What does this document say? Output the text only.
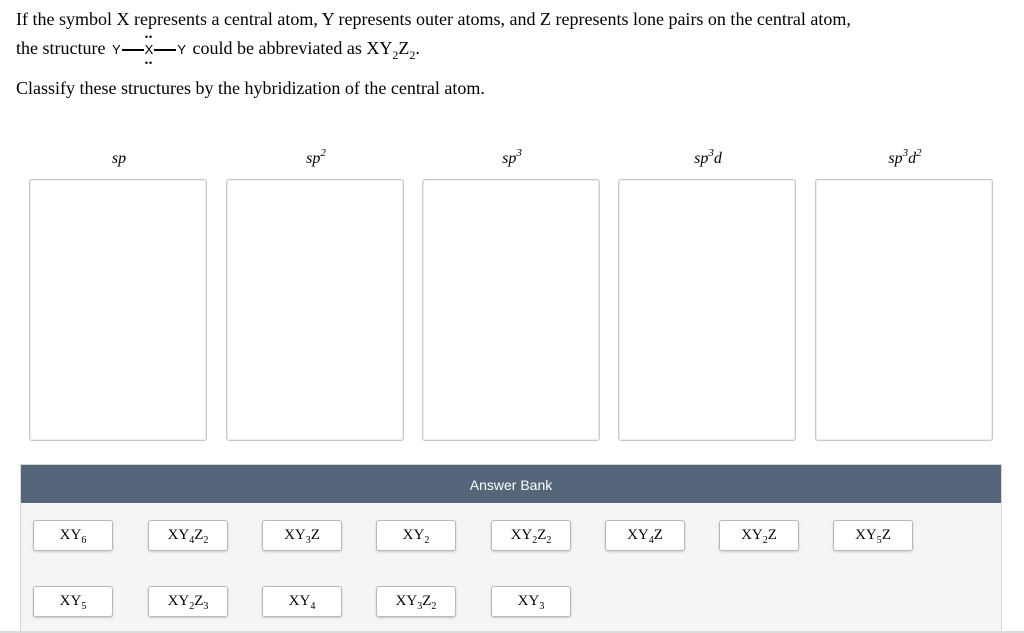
If the symbol X represents a central atom, Y represents outer atoms, and Z represents lone pairs on the central atom,
the structure Y
••
X
••
Y could be abbreviated as $XY_2Z_2$.
Classify these structures by the hybridization of the central atom.
sp	$sp^2$	$sp^3$	$sp^3d$	$sp^3d^2$
Answer Bank
$XY_6$	$XY_4Z_2$	$XY_3Z$	$XY_2$	$XY_2Z_2$	$XY_4Z$	$XY_2Z$	$XY_5Z$
$XY_5$	$XY_2Z_3$	$XY_4$	$XY_3Z_2$	$XY_3$
